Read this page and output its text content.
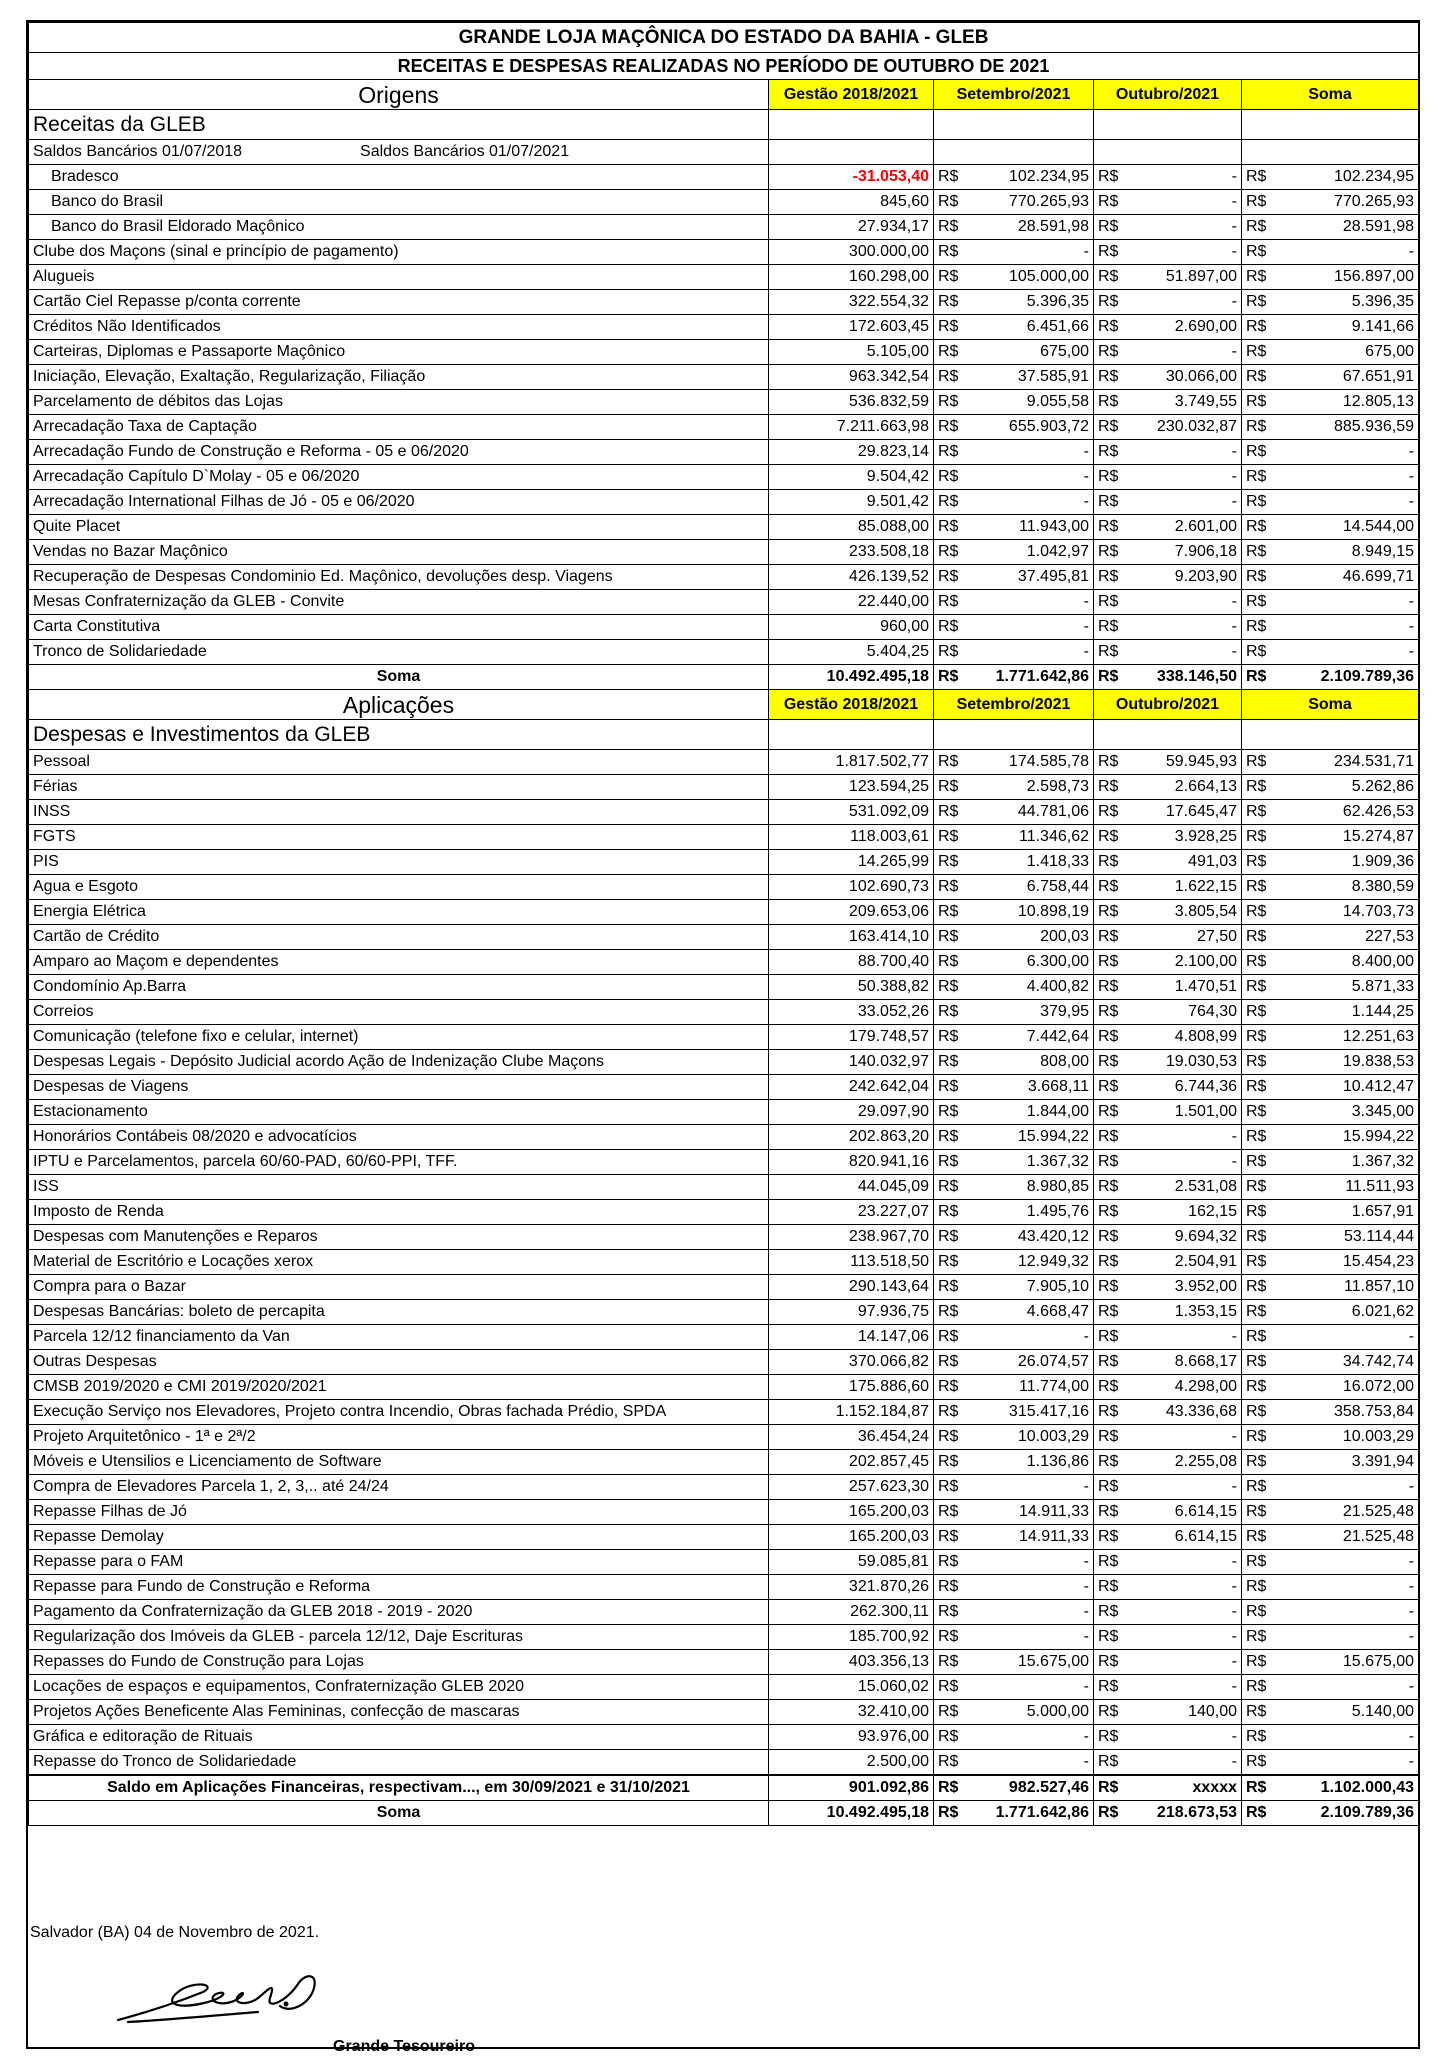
GRANDE LOJA MAÇÔNICA DO ESTADO DA BAHIA - GLEB							
RECEITAS E DESPESAS REALIZADAS NO PERÍODO DE OUTUBRO DE 2021							
Origens	Gestão 2018/2021	Setembro/2021		Outubro/2021		Soma	
Receitas da GLEB							
Saldos Bancários 01/07/2018 Saldos Bancários 01/07/2021							
Bradesco	-31.053,40	R$	102.234,95	R$	-	R$	102.234,95
Banco do Brasil	845,60	R$	770.265,93	R$	-	R$	770.265,93
Banco do Brasil Eldorado Maçônico	27.934,17	R$	28.591,98	R$	-	R$	28.591,98
Clube dos Maçons (sinal e princípio de pagamento)	300.000,00	R$	-	R$	-	R$	-
Alugueis	160.298,00	R$	105.000,00	R$	51.897,00	R$	156.897,00
Cartão Ciel Repasse p/conta corrente	322.554,32	R$	5.396,35	R$	-	R$	5.396,35
Créditos Não Identificados	172.603,45	R$	6.451,66	R$	2.690,00	R$	9.141,66
Carteiras, Diplomas e Passaporte Maçônico	5.105,00	R$	675,00	R$	-	R$	675,00
Iniciação, Elevação, Exaltação, Regularização, Filiação	963.342,54	R$	37.585,91	R$	30.066,00	R$	67.651,91
Parcelamento de débitos das Lojas	536.832,59	R$	9.055,58	R$	3.749,55	R$	12.805,13
Arrecadação Taxa de Captação	7.211.663,98	R$	655.903,72	R$	230.032,87	R$	885.936,59
Arrecadação Fundo de Construção e Reforma - 05 e 06/2020	29.823,14	R$	-	R$	-	R$	-
Arrecadação Capítulo D`Molay - 05 e 06/2020	9.504,42	R$	-	R$	-	R$	-
Arrecadação International Filhas de Jó - 05 e 06/2020	9.501,42	R$	-	R$	-	R$	-
Quite Placet	85.088,00	R$	11.943,00	R$	2.601,00	R$	14.544,00
Vendas no Bazar Maçônico	233.508,18	R$	1.042,97	R$	7.906,18	R$	8.949,15
Recuperação de Despesas Condominio Ed. Maçônico, devoluções desp. Viagens	426.139,52	R$	37.495,81	R$	9.203,90	R$	46.699,71
Mesas Confraternização da GLEB - Convite	22.440,00	R$	-	R$	-	R$	-
Carta Constitutiva	960,00	R$	-	R$	-	R$	-
Tronco de Solidariedade	5.404,25	R$	-	R$	-	R$	-
Soma	10.492.495,18	R$	1.771.642,86	R$	338.146,50	R$	2.109.789,36
Aplicações	Gestão 2018/2021	Setembro/2021		Outubro/2021		Soma	
Despesas e Investimentos da GLEB							
Pessoal	1.817.502,77	R$	174.585,78	R$	59.945,93	R$	234.531,71
Férias	123.594,25	R$	2.598,73	R$	2.664,13	R$	5.262,86
INSS	531.092,09	R$	44.781,06	R$	17.645,47	R$	62.426,53
FGTS	118.003,61	R$	11.346,62	R$	3.928,25	R$	15.274,87
PIS	14.265,99	R$	1.418,33	R$	491,03	R$	1.909,36
Agua e Esgoto	102.690,73	R$	6.758,44	R$	1.622,15	R$	8.380,59
Energia Elétrica	209.653,06	R$	10.898,19	R$	3.805,54	R$	14.703,73
Cartão de Crédito	163.414,10	R$	200,03	R$	27,50	R$	227,53
Amparo ao Maçom e dependentes	88.700,40	R$	6.300,00	R$	2.100,00	R$	8.400,00
Condomínio Ap.Barra	50.388,82	R$	4.400,82	R$	1.470,51	R$	5.871,33
Correios	33.052,26	R$	379,95	R$	764,30	R$	1.144,25
Comunicação (telefone fixo e celular, internet)	179.748,57	R$	7.442,64	R$	4.808,99	R$	12.251,63
Despesas Legais - Depósito Judicial acordo Ação de Indenização Clube Maçons	140.032,97	R$	808,00	R$	19.030,53	R$	19.838,53
Despesas de Viagens	242.642,04	R$	3.668,11	R$	6.744,36	R$	10.412,47
Estacionamento	29.097,90	R$	1.844,00	R$	1.501,00	R$	3.345,00
Honorários Contábeis 08/2020 e advocatícios	202.863,20	R$	15.994,22	R$	-	R$	15.994,22
IPTU e Parcelamentos, parcela 60/60-PAD, 60/60-PPI, TFF.	820.941,16	R$	1.367,32	R$	-	R$	1.367,32
ISS	44.045,09	R$	8.980,85	R$	2.531,08	R$	11.511,93
Imposto de Renda	23.227,07	R$	1.495,76	R$	162,15	R$	1.657,91
Despesas com Manutenções e Reparos	238.967,70	R$	43.420,12	R$	9.694,32	R$	53.114,44
Material de Escritório e Locações xerox	113.518,50	R$	12.949,32	R$	2.504,91	R$	15.454,23
Compra para o Bazar	290.143,64	R$	7.905,10	R$	3.952,00	R$	11.857,10
Despesas Bancárias: boleto de percapita	97.936,75	R$	4.668,47	R$	1.353,15	R$	6.021,62
Parcela 12/12 financiamento da Van	14.147,06	R$	-	R$	-	R$	-
Outras Despesas	370.066,82	R$	26.074,57	R$	8.668,17	R$	34.742,74
CMSB 2019/2020 e CMI 2019/2020/2021	175.886,60	R$	11.774,00	R$	4.298,00	R$	16.072,00
Execução Serviço nos Elevadores, Projeto contra Incendio, Obras fachada Prédio, SPDA	1.152.184,87	R$	315.417,16	R$	43.336,68	R$	358.753,84
Projeto Arquitetônico - 1ª e 2ª/2	36.454,24	R$	10.003,29	R$	-	R$	10.003,29
Móveis e Utensilios e Licenciamento de Software	202.857,45	R$	1.136,86	R$	2.255,08	R$	3.391,94
Compra de Elevadores Parcela 1, 2, 3,.. até 24/24	257.623,30	R$	-	R$	-	R$	-
Repasse Filhas de Jó	165.200,03	R$	14.911,33	R$	6.614,15	R$	21.525,48
Repasse Demolay	165.200,03	R$	14.911,33	R$	6.614,15	R$	21.525,48
Repasse para o FAM	59.085,81	R$	-	R$	-	R$	-
Repasse para Fundo de Construção e Reforma	321.870,26	R$	-	R$	-	R$	-
Pagamento da Confraternização da GLEB 2018 - 2019 - 2020	262.300,11	R$	-	R$	-	R$	-
Regularização dos Imóveis da GLEB - parcela 12/12, Daje Escrituras	185.700,92	R$	-	R$	-	R$	-
Repasses do Fundo de Construção para Lojas	403.356,13	R$	15.675,00	R$	-	R$	15.675,00
Locações de espaços e equipamentos, Confraternização GLEB 2020	15.060,02	R$	-	R$	-	R$	-
Projetos Ações Beneficente Alas Femininas, confecção de mascaras	32.410,00	R$	5.000,00	R$	140,00	R$	5.140,00
Gráfica e editoração de Rituais	93.976,00	R$	-	R$	-	R$	-
Repasse do Tronco de Solidariedade	2.500,00	R$	-	R$	-	R$	-
Saldo em Aplicações Financeiras, respectivam..., em 30/09/2021 e 31/10/2021	901.092,86	R$	982.527,46	R$	xxxxx	R$	1.102.000,43
Soma	10.492.495,18	R$	1.771.642,86	R$	218.673,53	R$	2.109.789,36
Salvador (BA) 04 de Novembro de 2021.
Grande Tesoureiro
